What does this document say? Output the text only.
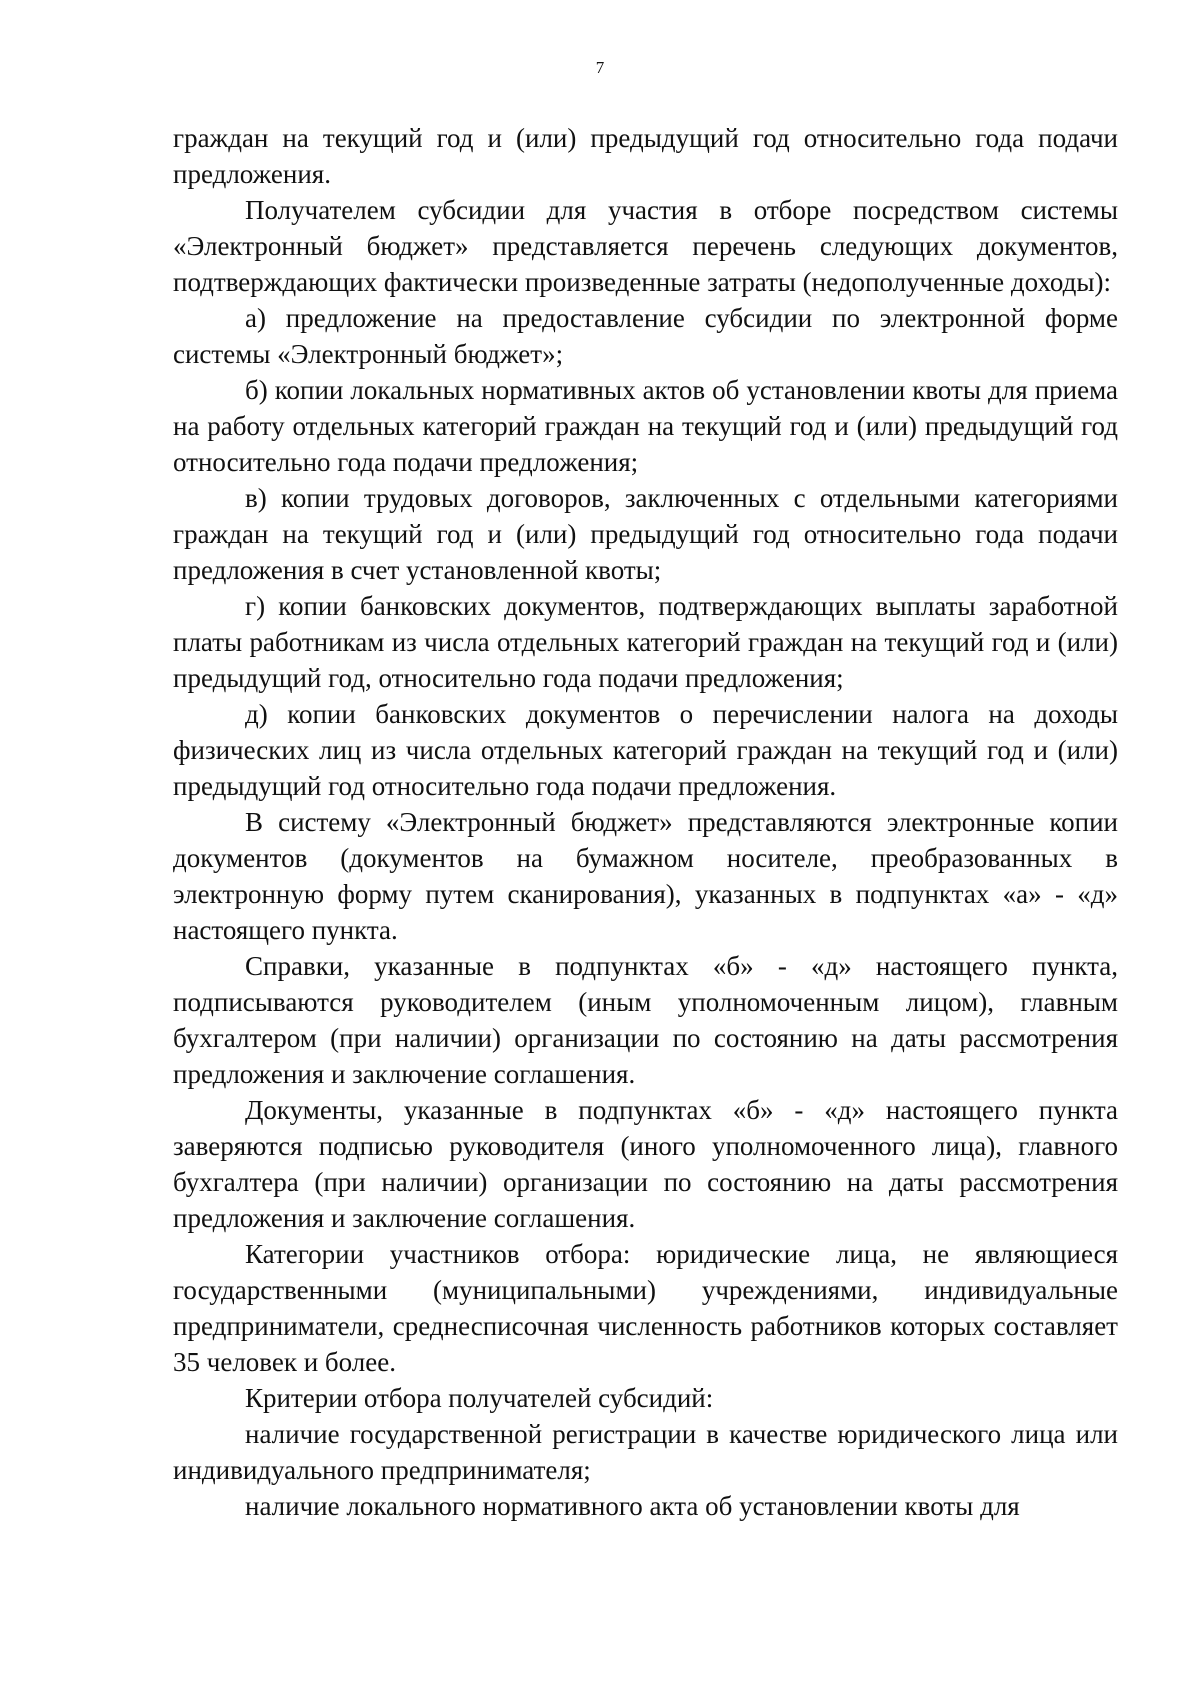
7

граждан на текущий год и (или) предыдущий год относительно года подачи предложения.

Получателем субсидии для участия в отборе посредством системы «Электронный бюджет» представляется перечень следующих документов, подтверждающих фактически произведенные затраты (недополученные доходы):

а) предложение на предоставление субсидии по электронной форме системы «Электронный бюджет»;

б) копии локальных нормативных актов об установлении квоты для приема на работу отдельных категорий граждан на текущий год и (или) предыдущий год относительно года подачи предложения;

в) копии трудовых договоров, заключенных с отдельными категориями граждан на текущий год и (или) предыдущий год относительно года подачи предложения в счет установленной квоты;

г) копии банковских документов, подтверждающих выплаты заработной платы работникам из числа отдельных категорий граждан на текущий год и (или) предыдущий год, относительно года подачи предложения;

д) копии банковских документов о перечислении налога на доходы физических лиц из числа отдельных категорий граждан на текущий год и (или) предыдущий год относительно года подачи предложения.

В систему «Электронный бюджет» представляются электронные копии документов (документов на бумажном носителе, преобразованных в электронную форму путем сканирования), указанных в подпунктах «а» - «д» настоящего пункта.

Справки, указанные в подпунктах «б» - «д» настоящего пункта, подписываются руководителем (иным уполномоченным лицом), главным бухгалтером (при наличии) организации по состоянию на даты рассмотрения предложения и заключение соглашения.

Документы, указанные в подпунктах «б» - «д» настоящего пункта заверяются подписью руководителя (иного уполномоченного лица), главного бухгалтера (при наличии) организации по состоянию на даты рассмотрения предложения и заключение соглашения.

Категории участников отбора: юридические лица, не являющиеся государственными (муниципальными) учреждениями, индивидуальные предприниматели, среднесписочная численность работников которых составляет 35 человек и более.

Критерии отбора получателей субсидий:

наличие государственной регистрации в качестве юридического лица или индивидуального предпринимателя;

наличие локального нормативного акта об установлении квоты для
